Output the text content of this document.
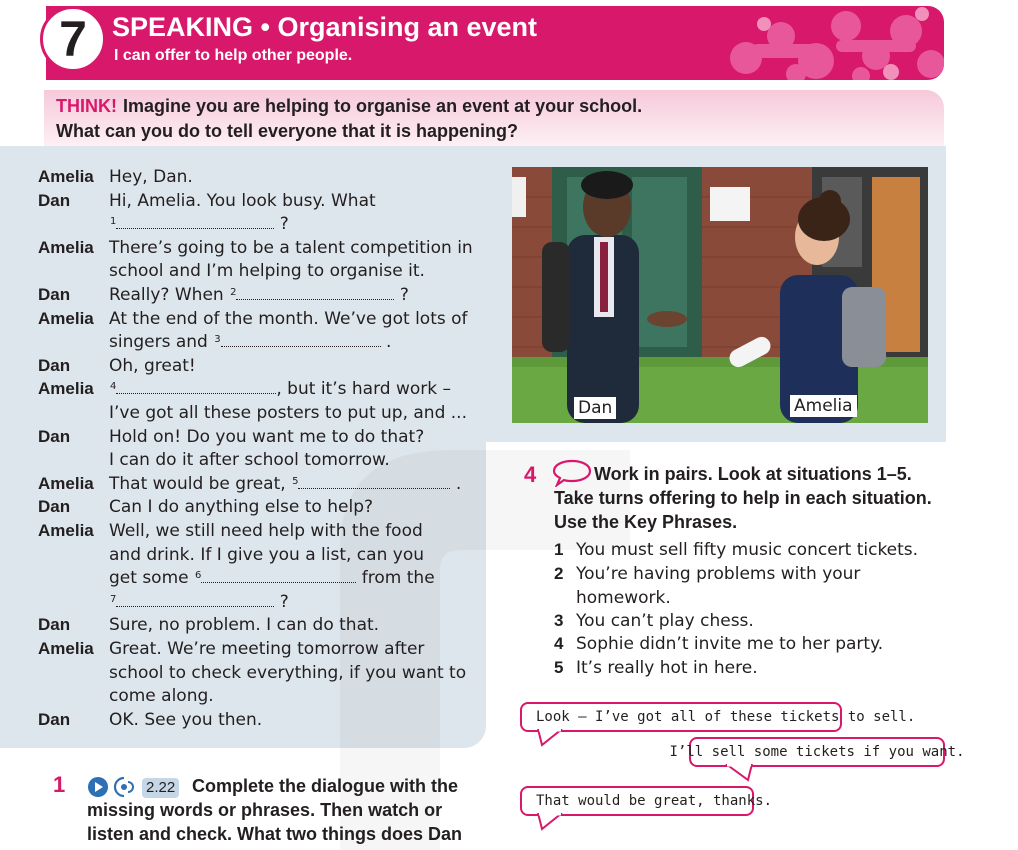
7 SPEAKING • Organising an event
I can offer to help other people.
THINK! Imagine you are helping to organise an event at your school.
What can you do to tell everyone that it is happening?
Amelia Hey, Dan.
Dan Hi, Amelia. You look busy. What
$^1$	?
Amelia There’s going to be a talent competition in
school and I’m helping to organise it.
Dan Really? When $^2$	?
Amelia At the end of the month. We’ve got lots of
singers and $^3$	.
Dan Oh, great!
Amelia $^4$	, but it’s hard work –
I’ve got all these posters to put up, and ...
Dan Hold on! Do you want me to do that?
I can do it after school tomorrow.
Amelia That would be great, $^5$	.
Dan Can I do anything else to help?
Amelia Well, we still need help with the food
and drink. If I give you a list, can you
get some $^6$	from the
$^7$	?
Dan Sure, no problem. I can do that.
Amelia Great. We’re meeting tomorrow after
school to check everything, if you want to
come along.
Dan OK. See you then.
Dan	Amelia
4	Work in pairs. Look at situations 1–5.
Take turns offering to help in each situation.
Use the Key Phrases.
1 You must sell fifty music concert tickets.
2 You’re having problems with your
homework.
3 You can’t play chess.
4 Sophie didn’t invite me to her party.
5 It’s really hot in here.
Look – I’ve got all of these tickets to sell.
I’ll sell some tickets if you want.
That would be great, thanks.
1	2.22 Complete the dialogue with the
missing words or phrases. Then watch or
listen and check. What two things does Dan
